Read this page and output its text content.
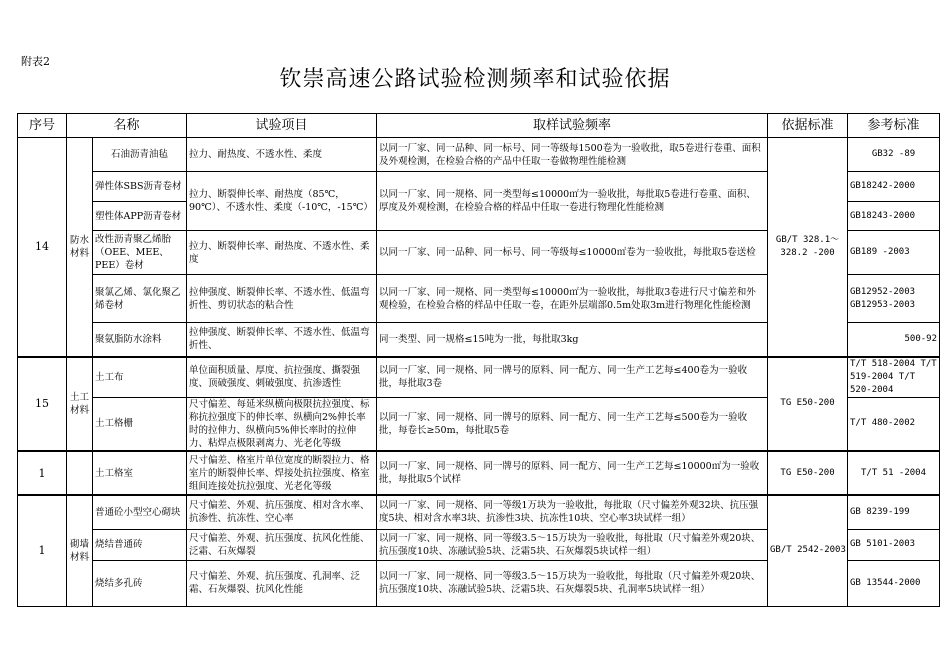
附表2
钦崇高速公路试验检测频率和试验依据
序号	名称		试验项目	取样试验频率	依据标准	参考标准
14	防水材料	石油沥青油毡	拉力、耐热度、不透水性、柔度	以同一厂家、同一品种、同一标号、同一等级每1500卷为一验收批，取5卷进行卷重、面积及外观检测，在检验合格的产品中任取一卷做物理性能检测	GB/T 328.1～328.2 -200	GB32 -89
		弹性体SBS沥青卷材	拉力、断裂伸长率、耐热度（85℃，90℃）、不透水性、柔度（-10℃，-15℃）	以同一厂家、同一规格、同一类型每≤10000㎡为一验收批，每批取5卷进行卷重、面积、厚度及外观检测，在检验合格的样品中任取一卷进行物理化性能检测		GB18242-2000
		塑性体APP沥青卷材				GB18243-2000
		改性沥青聚乙烯胎（OEE、MEE、PEE）卷材	拉力、断裂伸长率、耐热度、不透水性、柔度	以同一厂家、同一品种、同一标号、同一等级每≤10000㎡卷为一验收批，每批取5卷送检		GB189 -2003
		聚氯乙烯、氯化聚乙烯卷材	拉伸强度、断裂伸长率、不透水性、低温弯折性、剪切状态的粘合性	以同一厂家、同一规格、同一类型每≤10000㎡为一验收批，每批取3卷进行尺寸偏差和外观检验，在检验合格的样品中任取一卷，在距外层端部0.5m处取3m进行物理化性能检测		GB12952-2003 GB12953-2003
		聚氨脂防水涂料	拉伸强度、断裂伸长率、不透水性、低温弯折性、	同一类型、同一规格≤15吨为一批，每批取3kg		500-92
15	土工材料	土工布	单位面积质量、厚度、抗拉强度、撕裂强度、顶破强度、刺破强度、抗渗透性	以同一厂家、同一规格、同一牌号的原料、同一配方、同一生产工艺每≤400卷为一验收批，每批取3卷	TG E50-200	T/T 518-2004 T/T 519-2004 T/T 520-2004
		土工格栅	尺寸偏差、每延米纵横向极限抗拉强度、标称抗拉强度下的伸长率、纵横向2%伸长率时的拉伸力、纵横向5%伸长率时的拉伸力、粘焊点极限剥离力、光老化等级	以同一厂家、同一规格、同一牌号的原料、同一配方、同一生产工艺每≤500卷为一验收批，每卷长≥50m，每批取5卷		T/T 480-2002
1		土工格室	尺寸偏差、格室片单位宽度的断裂拉力、格室片的断裂伸长率、焊接处抗拉强度、格室组间连接处抗拉强度、光老化等级	以同一厂家、同一规格、同一牌号的原料、同一配方、同一生产工艺每≤10000㎡为一验收批，每批取5个试样	TG E50-200	T/T 51 -2004
1	砌墙材料	普通砼小型空心砌块	尺寸偏差、外观、抗压强度、相对含水率、抗渗性、抗冻性、空心率	以同一厂家、同一规格、同一等级1万块为一验收批，每批取（尺寸偏差外观32块、抗压强度5块、相对含水率3块、抗渗性3块、抗冻性10块、空心率3块试样一组）	GB/T 2542-2003	GB 8239-199
		烧结普通砖	尺寸偏差、外观、抗压强度、抗风化性能、泛霜、石灰爆裂	以同一厂家、同一规格、同一等级3.5～15万块为一验收批，每批取（尺寸偏差外观20块、抗压强度10块、冻融试验5块、泛霜5块、石灰爆裂5块试样一组）		GB 5101-2003
		烧结多孔砖	尺寸偏差、外观、抗压强度、孔洞率、泛霜、石灰爆裂、抗风化性能	以同一厂家、同一规格、同一等级3.5～15万块为一验收批，每批取（尺寸偏差外观20块、抗压强度10块、冻融试验5块、泛霜5块、石灰爆裂5块、孔洞率5块试样一组）		GB 13544-2000
